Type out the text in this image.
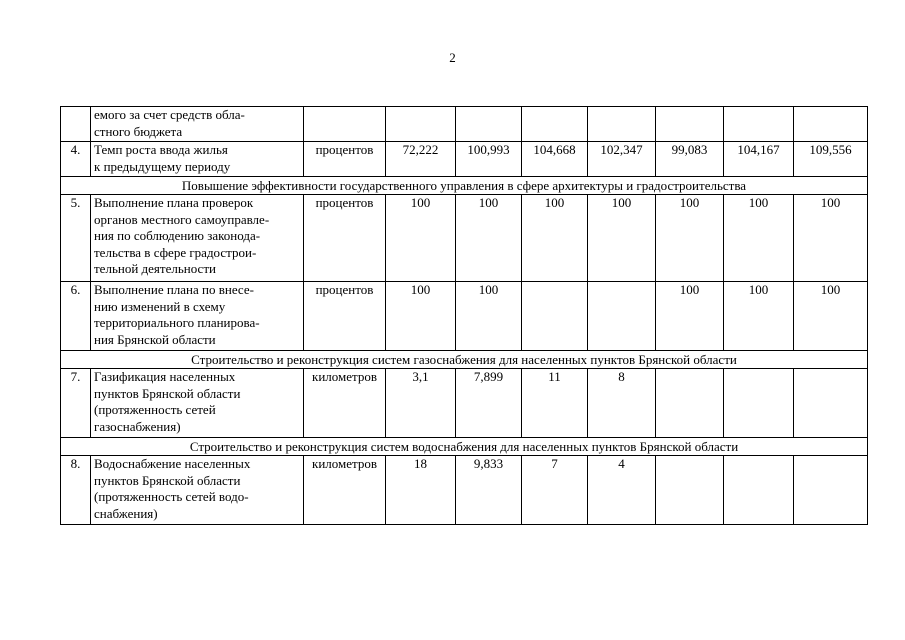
2

	емого за счет средств обла-
стного бюджета								

4.	Темп роста ввода жилья
к предыдущему периоду	процентов	72,222	100,993	104,668	102,347	99,083	104,167	109,556
Повышение эффективности государственного управления в сфере архитектуры и градостроительства									
5.	Выполнение плана проверок
органов местного самоуправле-
ния по соблюдению законода-
тельства в сфере градострои-
тельной деятельности	процентов	100	100	100	100	100	100	100
6.	Выполнение плана по внесе-
нию изменений в схему
территориального планирова-
ния Брянской области	процентов	100	100			100	100	100
Строительство и реконструкция систем газоснабжения для населенных пунктов Брянской области									
7.	Газификация населенных
пунктов Брянской области
(протяженность сетей
газоснабжения)	километров	3,1	7,899	11	8			
Строительство и реконструкция систем водоснабжения для населенных пунктов Брянской области									
8.	Водоснабжение населенных
пунктов Брянской области
(протяженность сетей водо-
снабжения)	километров	18	9,833	7	4			
